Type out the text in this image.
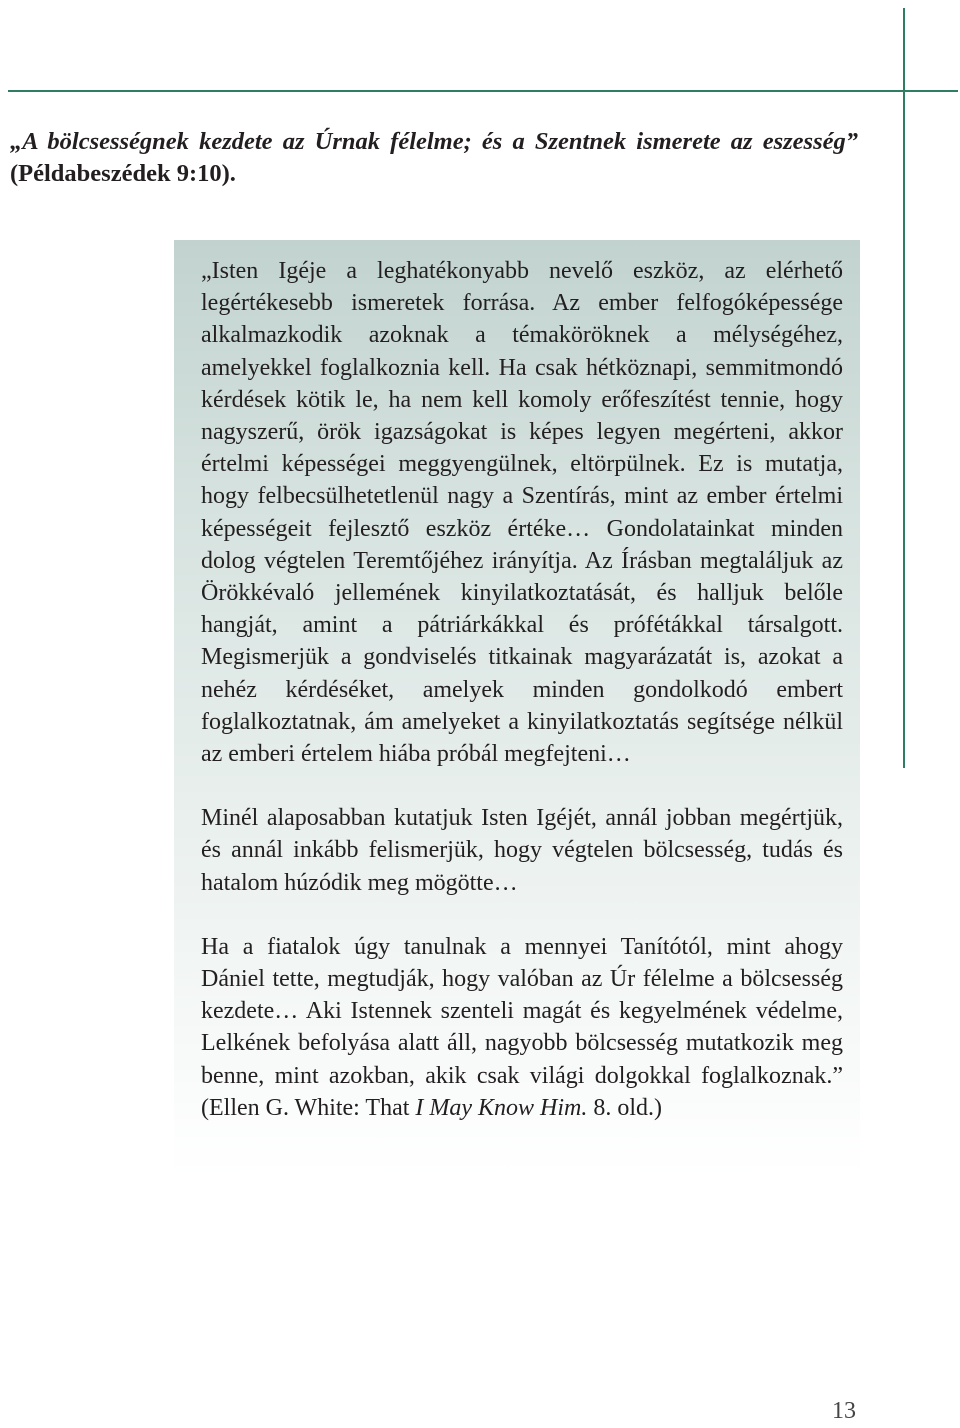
„A bölcsességnek kezdete az Úrnak félelme; és a Szentnek ismerete az eszesség” (Példabeszédek 9:10).

„Isten Igéje a leghatékonyabb nevelő eszköz, az elérhető legértékesebb ismeretek forrása. Az ember felfogóképessége alkalmazkodik azoknak a témaköröknek a mélységéhez, amelyekkel foglalkoznia kell. Ha csak hétköznapi, semmitmondó kérdések kötik le, ha nem kell komoly erőfeszítést tennie, hogy nagyszerű, örök igazságokat is képes legyen megérteni, akkor értelmi képességei meggyengülnek, eltörpülnek. Ez is mutatja, hogy felbecsülhetetlenül nagy a Szentírás, mint az ember értelmi képességeit fejlesztő eszköz értéke… Gondolatainkat minden dolog végtelen Teremtőjéhez irányítja. Az Írásban megtaláljuk az Örökkévaló jellemének kinyilatkoztatását, és halljuk belőle hangját, amint a pátriárkákkal és prófétákkal társalgott. Megismerjük a gondviselés titkainak magyarázatát is, azokat a nehéz kérdéséket, amelyek minden gondolkodó embert foglalkoztatnak, ám amelyeket a kinyilatkoztatás segítsége nélkül az emberi értelem hiába próbál megfejteni…

Minél alaposabban kutatjuk Isten Igéjét, annál jobban megértjük, és annál inkább felismerjük, hogy végtelen bölcsesség, tudás és hatalom húzódik meg mögötte…

Ha a fiatalok úgy tanulnak a mennyei Tanítótól, mint ahogy Dániel tette, megtudják, hogy valóban az Úr félelme a bölcsesség kezdete… Aki Istennek szenteli magát és kegyelmének védelme, Lelkének befolyása alatt áll, nagyobb bölcsesség mutatkozik meg benne, mint azokban, akik csak világi dolgokkal foglalkoznak.” (Ellen G. White: That I May Know Him. 8. old.)

13
